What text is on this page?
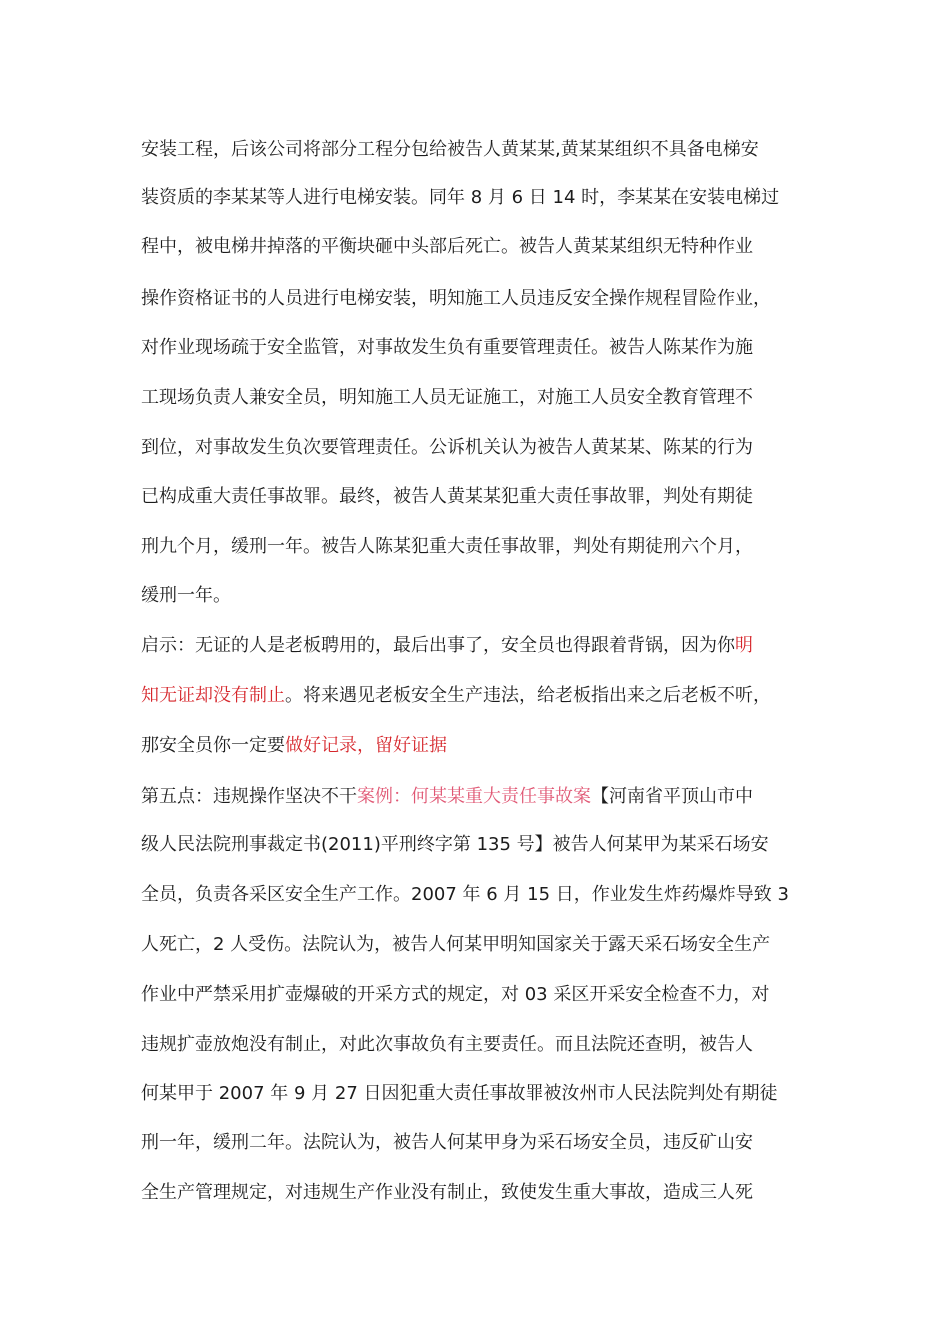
安装工程，后该公司将部分工程分包给被告人黄某某,黄某某组织不具备电梯安
装资质的李某某等人进行电梯安装。同年 8 月 6 日 14 时，李某某在安装电梯过
程中，被电梯井掉落的平衡块砸中头部后死亡。被告人黄某某组织无特种作业
操作资格证书的人员进行电梯安装，明知施工人员违反安全操作规程冒险作业，
对作业现场疏于安全监管，对事故发生负有重要管理责任。被告人陈某作为施
工现场负责人兼安全员，明知施工人员无证施工，对施工人员安全教育管理不
到位，对事故发生负次要管理责任。公诉机关认为被告人黄某某、陈某的行为
已构成重大责任事故罪。最终，被告人黄某某犯重大责任事故罪，判处有期徒
刑九个月，缓刑一年。被告人陈某犯重大责任事故罪，判处有期徒刑六个月，
缓刑一年。
启示：无证的人是老板聘用的，最后出事了，安全员也得跟着背锅，因为你明
知无证却没有制止。将来遇见老板安全生产违法，给老板指出来之后老板不听，
那安全员你一定要做好记录，留好证据
第五点：违规操作坚决不干案例：何某某重大责任事故案【河南省平顶山市中
级人民法院刑事裁定书(2011)平刑终字第 135 号】被告人何某甲为某采石场安
全员，负责各采区安全生产工作。2007 年 6 月 15 日，作业发生炸药爆炸导致 3
人死亡，2 人受伤。法院认为，被告人何某甲明知国家关于露天采石场安全生产
作业中严禁采用扩壶爆破的开采方式的规定，对 03 采区开采安全检查不力，对
违规扩壶放炮没有制止，对此次事故负有主要责任。而且法院还查明，被告人
何某甲于 2007 年 9 月 27 日因犯重大责任事故罪被汝州市人民法院判处有期徒
刑一年，缓刑二年。法院认为，被告人何某甲身为采石场安全员，违反矿山安
全生产管理规定，对违规生产作业没有制止，致使发生重大事故，造成三人死
